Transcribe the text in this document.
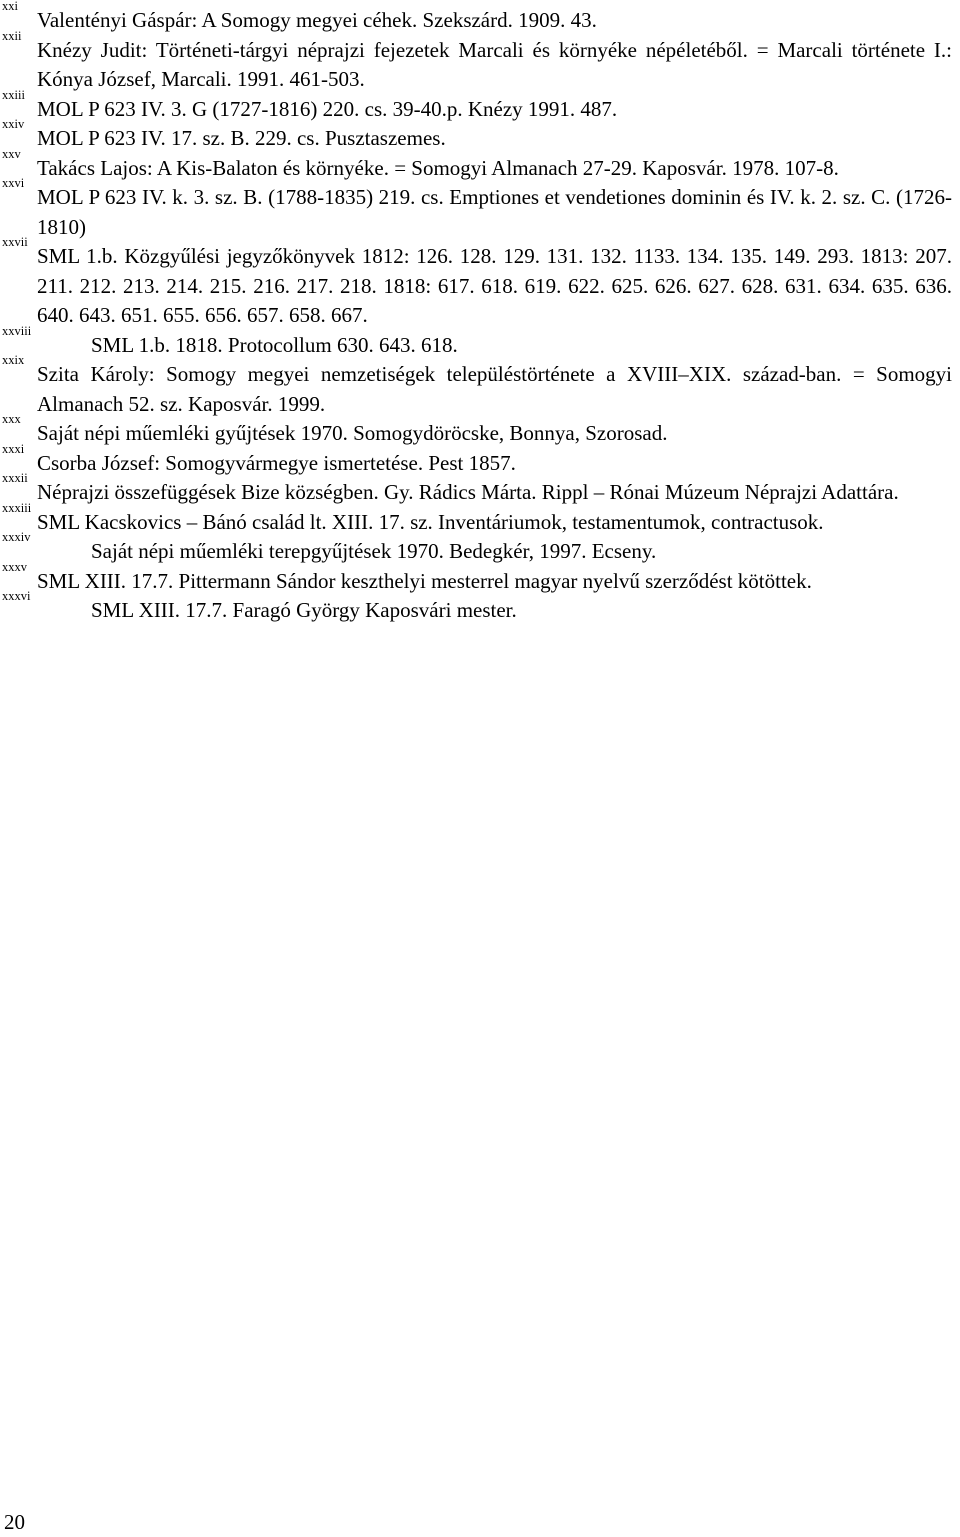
xxi
Valentényi Gáspár: A Somogy megyei céhek. Szekszárd. 1909. 43.
xxii
Knézy Judit: Történeti-tárgyi néprajzi fejezetek Marcali és környéke népéletéből. = Marcali története I.: Kónya József, Marcali. 1991. 461-503.
xxiii
MOL P 623 IV. 3. G (1727-1816) 220. cs. 39-40.p. Knézy 1991. 487.
xxiv
MOL P 623 IV. 17. sz. B. 229. cs. Pusztaszemes.
xxv
Takács Lajos: A Kis-Balaton és környéke. = Somogyi Almanach 27-29. Kaposvár. 1978. 107-8.
xxvi
MOL P 623 IV. k. 3. sz. B. (1788-1835) 219. cs. Emptiones et vendetiones dominin és IV. k. 2. sz. C. (1726-1810)
xxvii
SML 1.b. Közgyűlési jegyzőkönyvek 1812: 126. 128. 129. 131. 132. 1133. 134. 135. 149. 293. 1813: 207. 211. 212. 213. 214. 215. 216. 217. 218. 1818: 617. 618. 619. 622. 625. 626. 627. 628. 631. 634. 635. 636. 640. 643. 651. 655. 656. 657. 658. 667.
xxviii
SML 1.b. 1818. Protocollum 630. 643. 618.
xxix
Szita Károly: Somogy megyei nemzetiségek településtörténete a XVIII–XIX. század-ban. = Somogyi Almanach 52. sz. Kaposvár. 1999.
xxx
Saját népi műemléki gyűjtések 1970. Somogydöröcske, Bonnya, Szorosad.
xxxi
Csorba József: Somogyvármegye ismertetése. Pest 1857.
xxxii
Néprajzi összefüggések Bize községben. Gy. Rádics Márta. Rippl – Rónai Múzeum Néprajzi Adattára.
xxxiii
SML Kacskovics – Bánó család lt. XIII. 17. sz. Inventáriumok, testamentumok, contractusok.
xxxiv
Saját népi műemléki terepgyűjtések 1970. Bedegkér, 1997. Ecseny.
xxxv
SML XIII. 17.7. Pittermann Sándor keszthelyi mesterrel magyar nyelvű szerződést kötöttek.
xxxvi
SML XIII. 17.7. Faragó György Kaposvári mester.
20
